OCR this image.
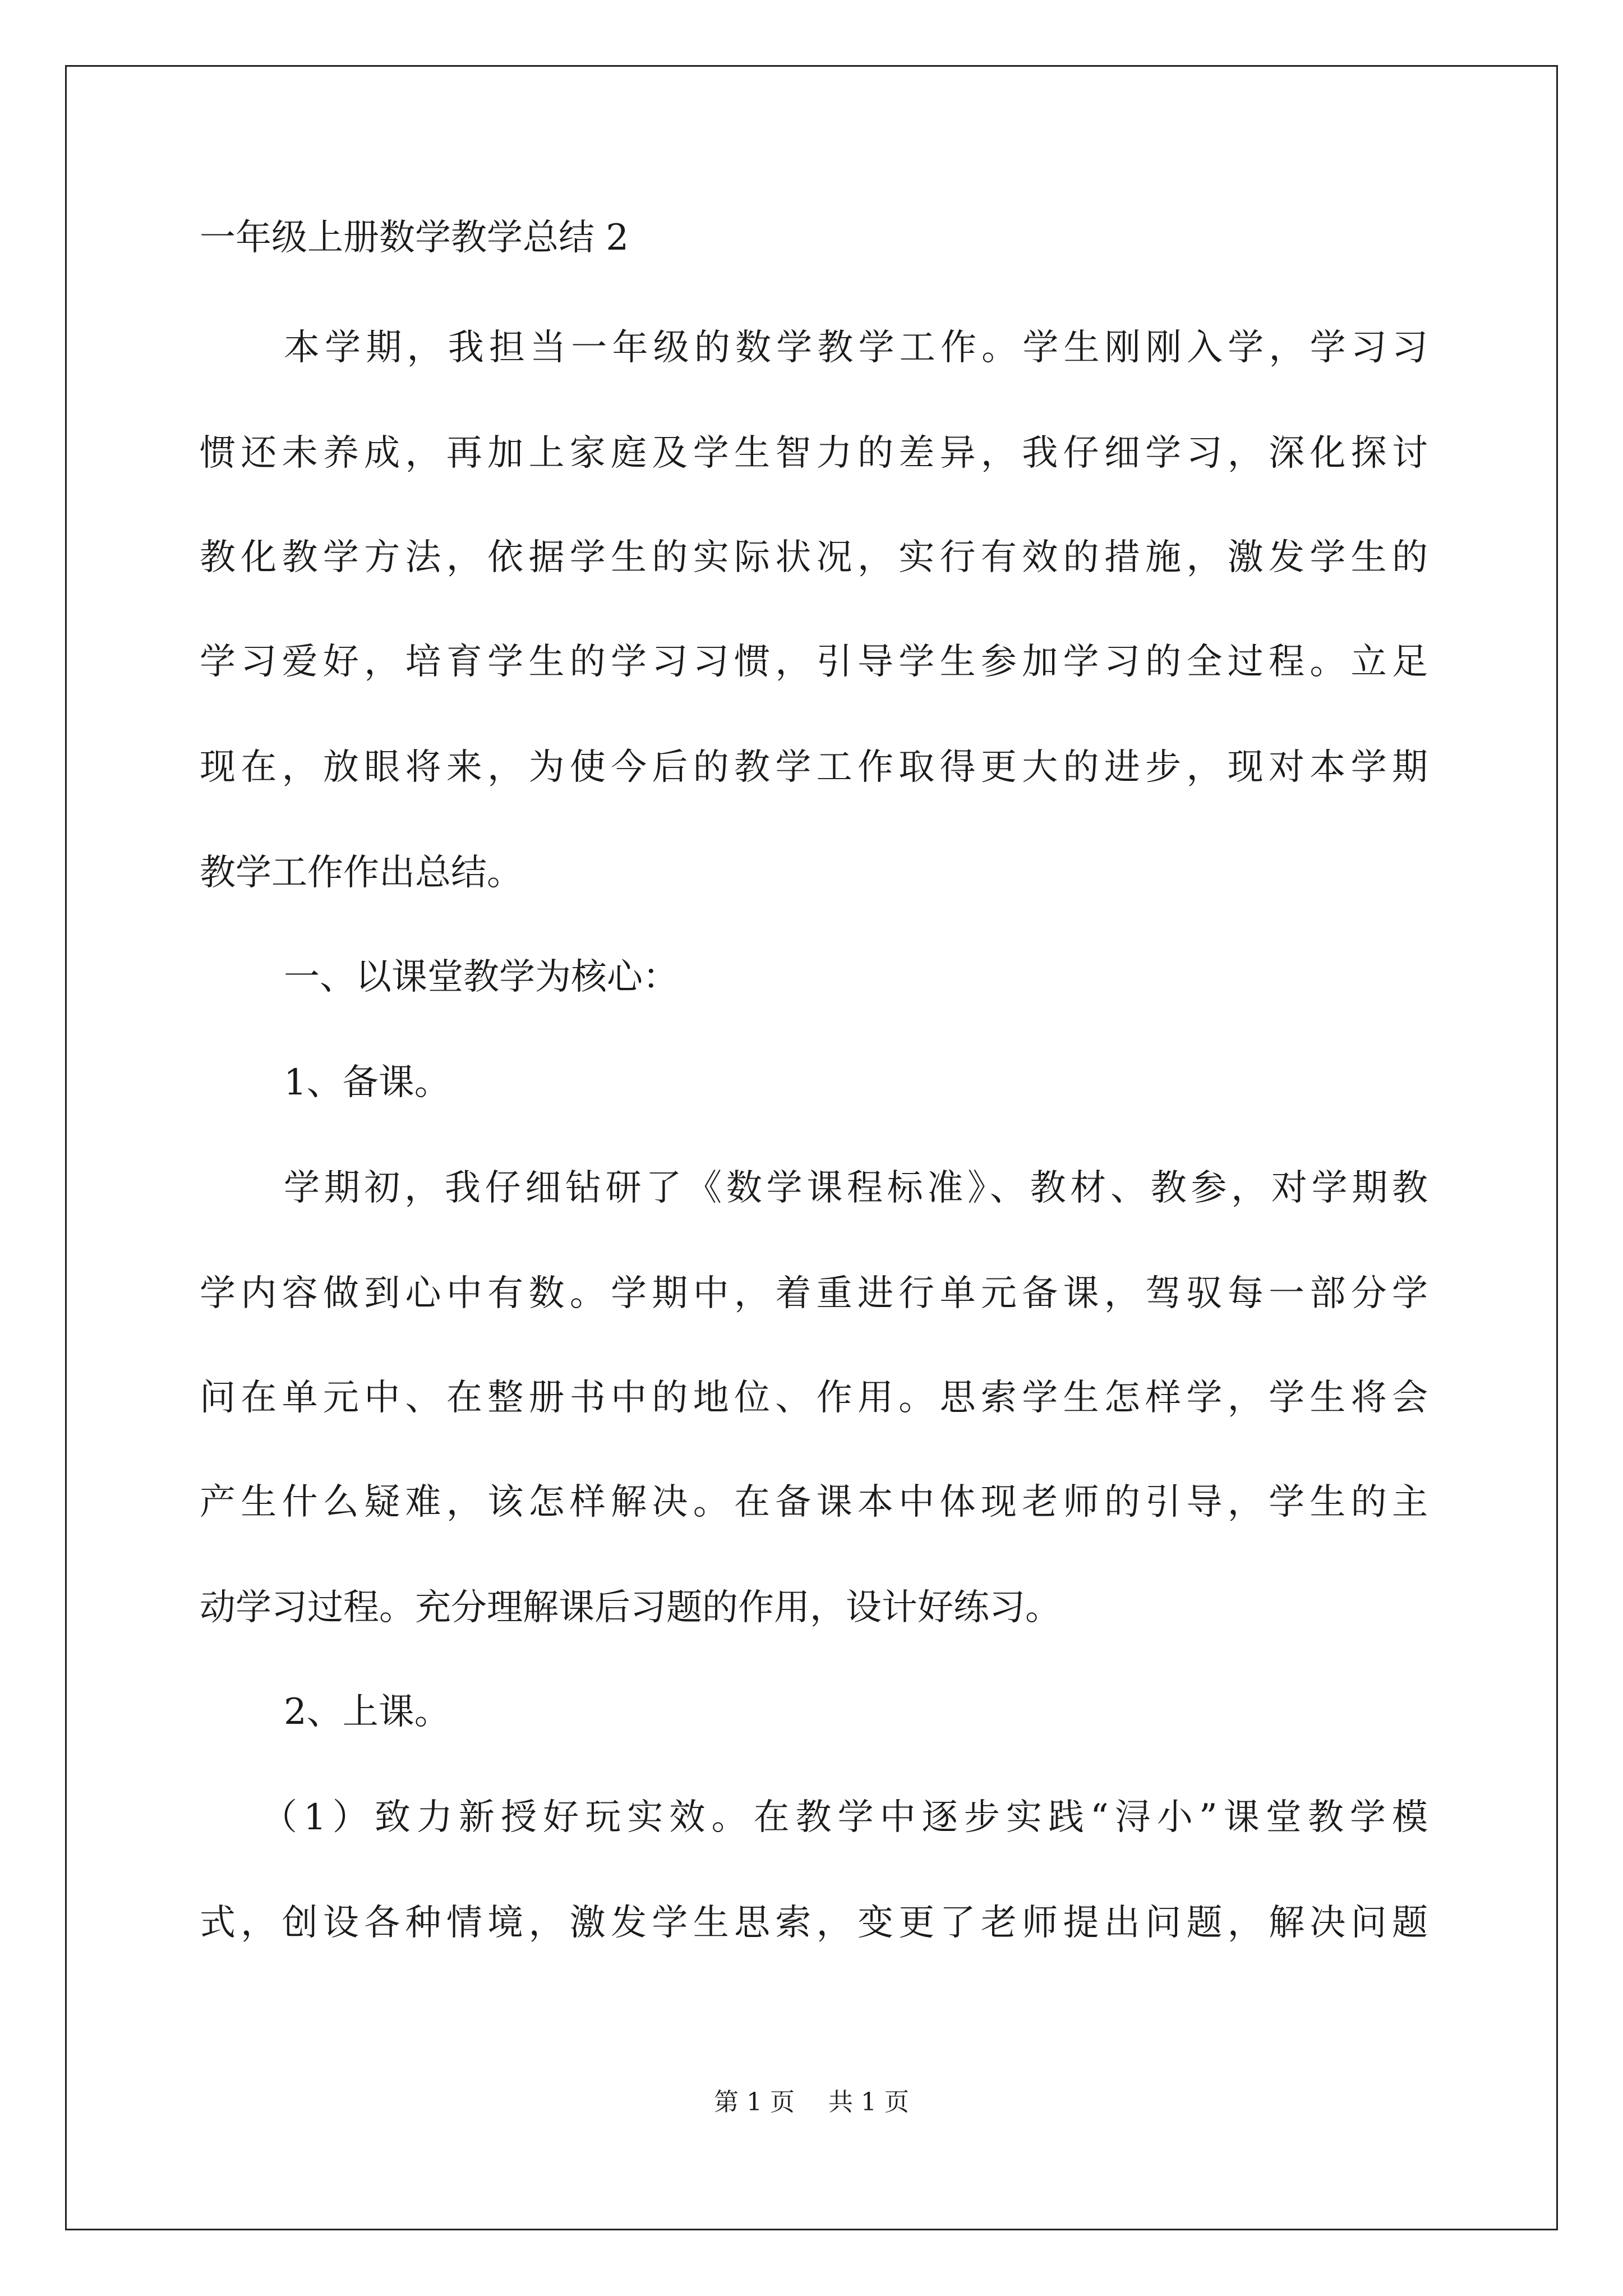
一年级上册数学教学总结 2
本学期，我担当一年级的数学教学工作。学生刚刚入学，学习习
惯还未养成，再加上家庭及学生智力的差异，我仔细学习，深化探讨
教化教学方法，依据学生的实际状况，实行有效的措施，激发学生的
学习爱好，培育学生的学习习惯，引导学生参加学习的全过程。立足
现在，放眼将来，为使今后的教学工作取得更大的进步，现对本学期
教学工作作出总结。
一、以课堂教学为核心：
1、备课。
学期初，我仔细钻研了《数学课程标准》、教材、教参，对学期教
学内容做到心中有数。学期中，着重进行单元备课，驾驭每一部分学
问在单元中、在整册书中的地位、作用。思索学生怎样学，学生将会
产生什么疑难，该怎样解决。在备课本中体现老师的引导，学生的主
动学习过程。充分理解课后习题的作用，设计好练习。
2、上课。
（1）致力新授好玩实效。在教学中逐步实践“浔小”课堂教学模
式，创设各种情境，激发学生思索，变更了老师提出问题，解决问题
第 1 页 共 1 页
